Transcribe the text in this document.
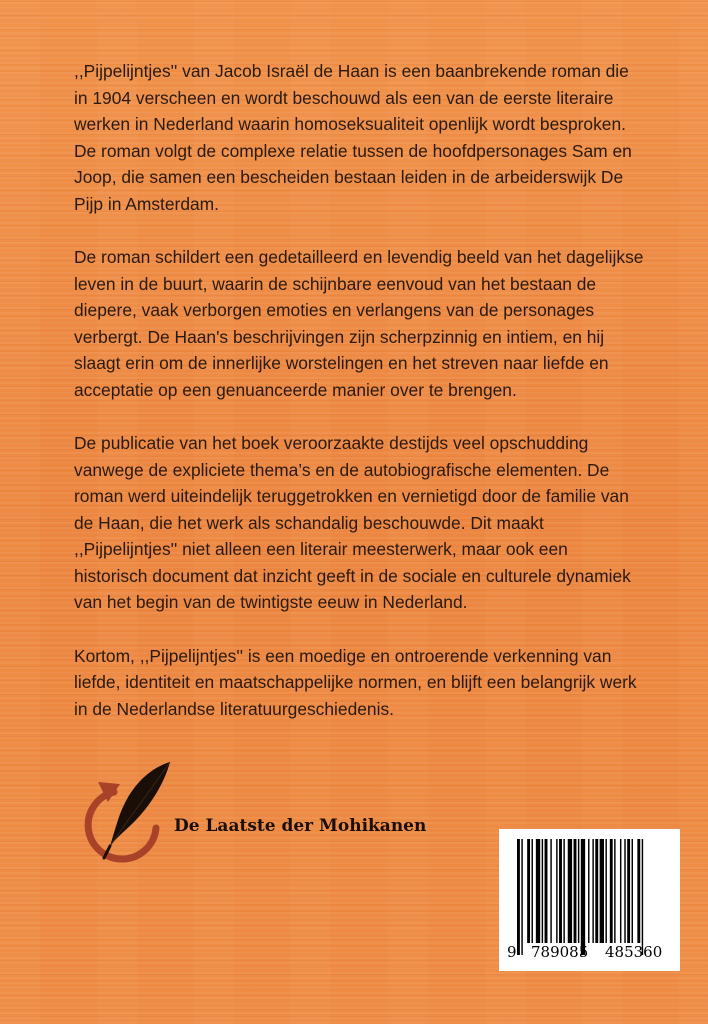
,,Pijpelijntjes'' van Jacob Israël de Haan is een baanbrekende roman die in 1904 verscheen en wordt beschouwd als een van de eerste literaire werken in Nederland waarin homoseksualiteit openlijk wordt besproken. De roman volgt de complexe relatie tussen de hoofdpersonages Sam en Joop, die samen een bescheiden bestaan leiden in de arbeiderswijk De Pijp in Amsterdam.

De roman schildert een gedetailleerd en levendig beeld van het dagelijkse leven in de buurt, waarin de schijnbare eenvoud van het bestaan de diepere, vaak verborgen emoties en verlangens van de personages verbergt. De Haan's beschrijvingen zijn scherpzinnig en intiem, en hij slaagt erin om de innerlijke worstelingen en het streven naar liefde en acceptatie op een genuanceerde manier over te brengen.

De publicatie van het boek veroorzaakte destijds veel opschudding vanwege de expliciete thema’s en de autobiografische elementen. De roman werd uiteindelijk teruggetrokken en vernietigd door de familie van de Haan, die het werk als schandalig beschouwde. Dit maakt ,,Pijpelijntjes'' niet alleen een literair meesterwerk, maar ook een historisch document dat inzicht geeft in de sociale en culturele dynamiek van het begin van de twintigste eeuw in Nederland.

Kortom, ,,Pijpelijntjes'' is een moedige en ontroerende verkenning van liefde, identiteit en maatschappelijke normen, en blijft een belangrijk werk in de Nederlandse literatuurgeschiedenis.

De Laatste der Mohikanen
9 789085 485360
